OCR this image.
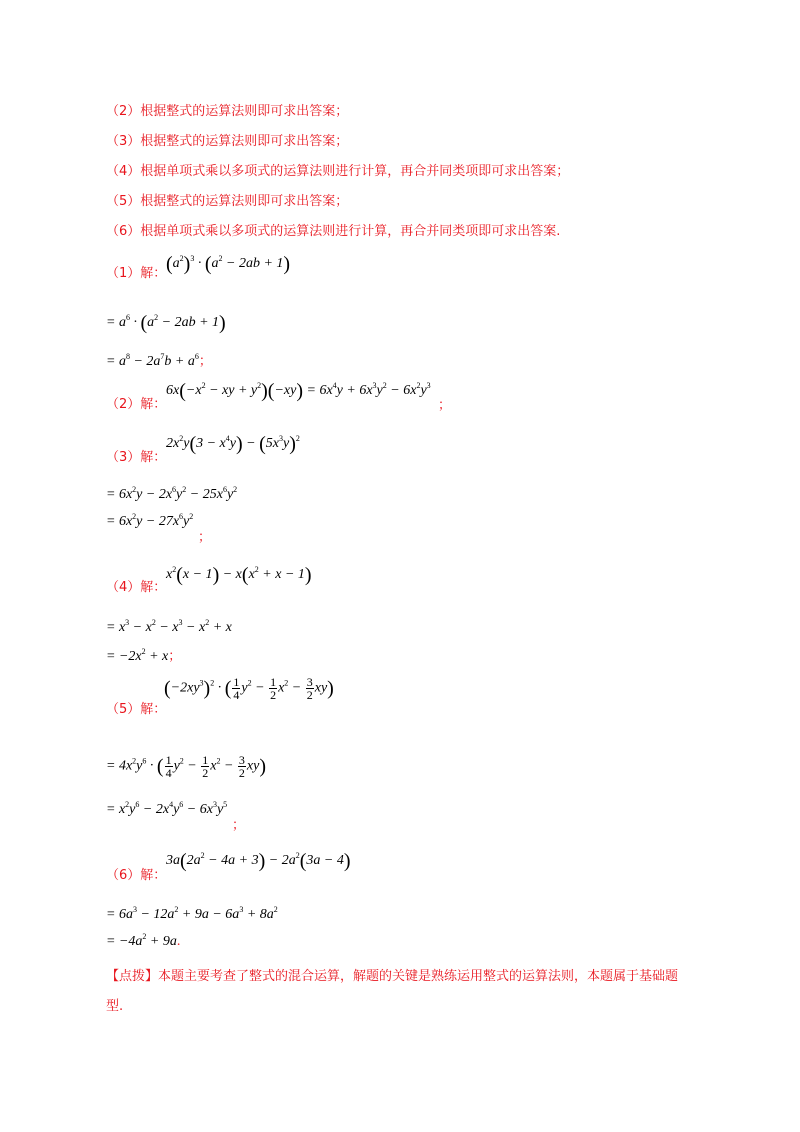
（2）根据整式的运算法则即可求出答案；
（3）根据整式的运算法则即可求出答案；
（4）根据单项式乘以多项式的运算法则进行计算，再合并同类项即可求出答案；
（5）根据整式的运算法则即可求出答案；
（6）根据单项式乘以多项式的运算法则进行计算，再合并同类项即可求出答案.
（1）解： $(a^2)^3 \cdot (a^2 - 2ab + 1)$
= $a^6 \cdot (a^2 - 2ab + 1)$
= $a^8 - 2a^7b + a^6$；
（2）解：
$6x(-x^2$ − xy + $y^2)(-xy) = 6x^4y + 6x^3y^2 - 6x^2y^3$
；
（3）解：
$2x^2y(3 - x^4y) - (5x^3y)^2$
= $6x^2y - 2x^6y^2 - 25x^6y^2$
= $6x^2y - 27x^6y^2$
；
（4）解：
$x^2(x - 1) - x(x^2 + x - 1)$
= $x^3 - x^2 - x^3 - x^2 + x$
= $-2x^2 + x$；
（5）解：
$(-2xy^3)^2$ · ( $\frac{1}{4} y^2 - \frac{1}{2} x^2 - \frac{3}{2} xy$)
= $4x^2y^6$ · ( $\frac{1}{4} y^2 - \frac{1}{2} x^2 - \frac{3}{2} xy$)
= $x^2y^6 - 2x^4y^6 - 6x^3y^5$
；
（6）解：
$3a(2a^2 - 4a + 3) - 2a^2(3a - 4)$
= $6a^3 - 12a^2 + 9a - 6a^3 + 8a^2$
= $-4a^2 + 9a$.
【点拨】本题主要考查了整式的混合运算，解题的关键是熟练运用整式的运算法则，本题属于基础题
型.
